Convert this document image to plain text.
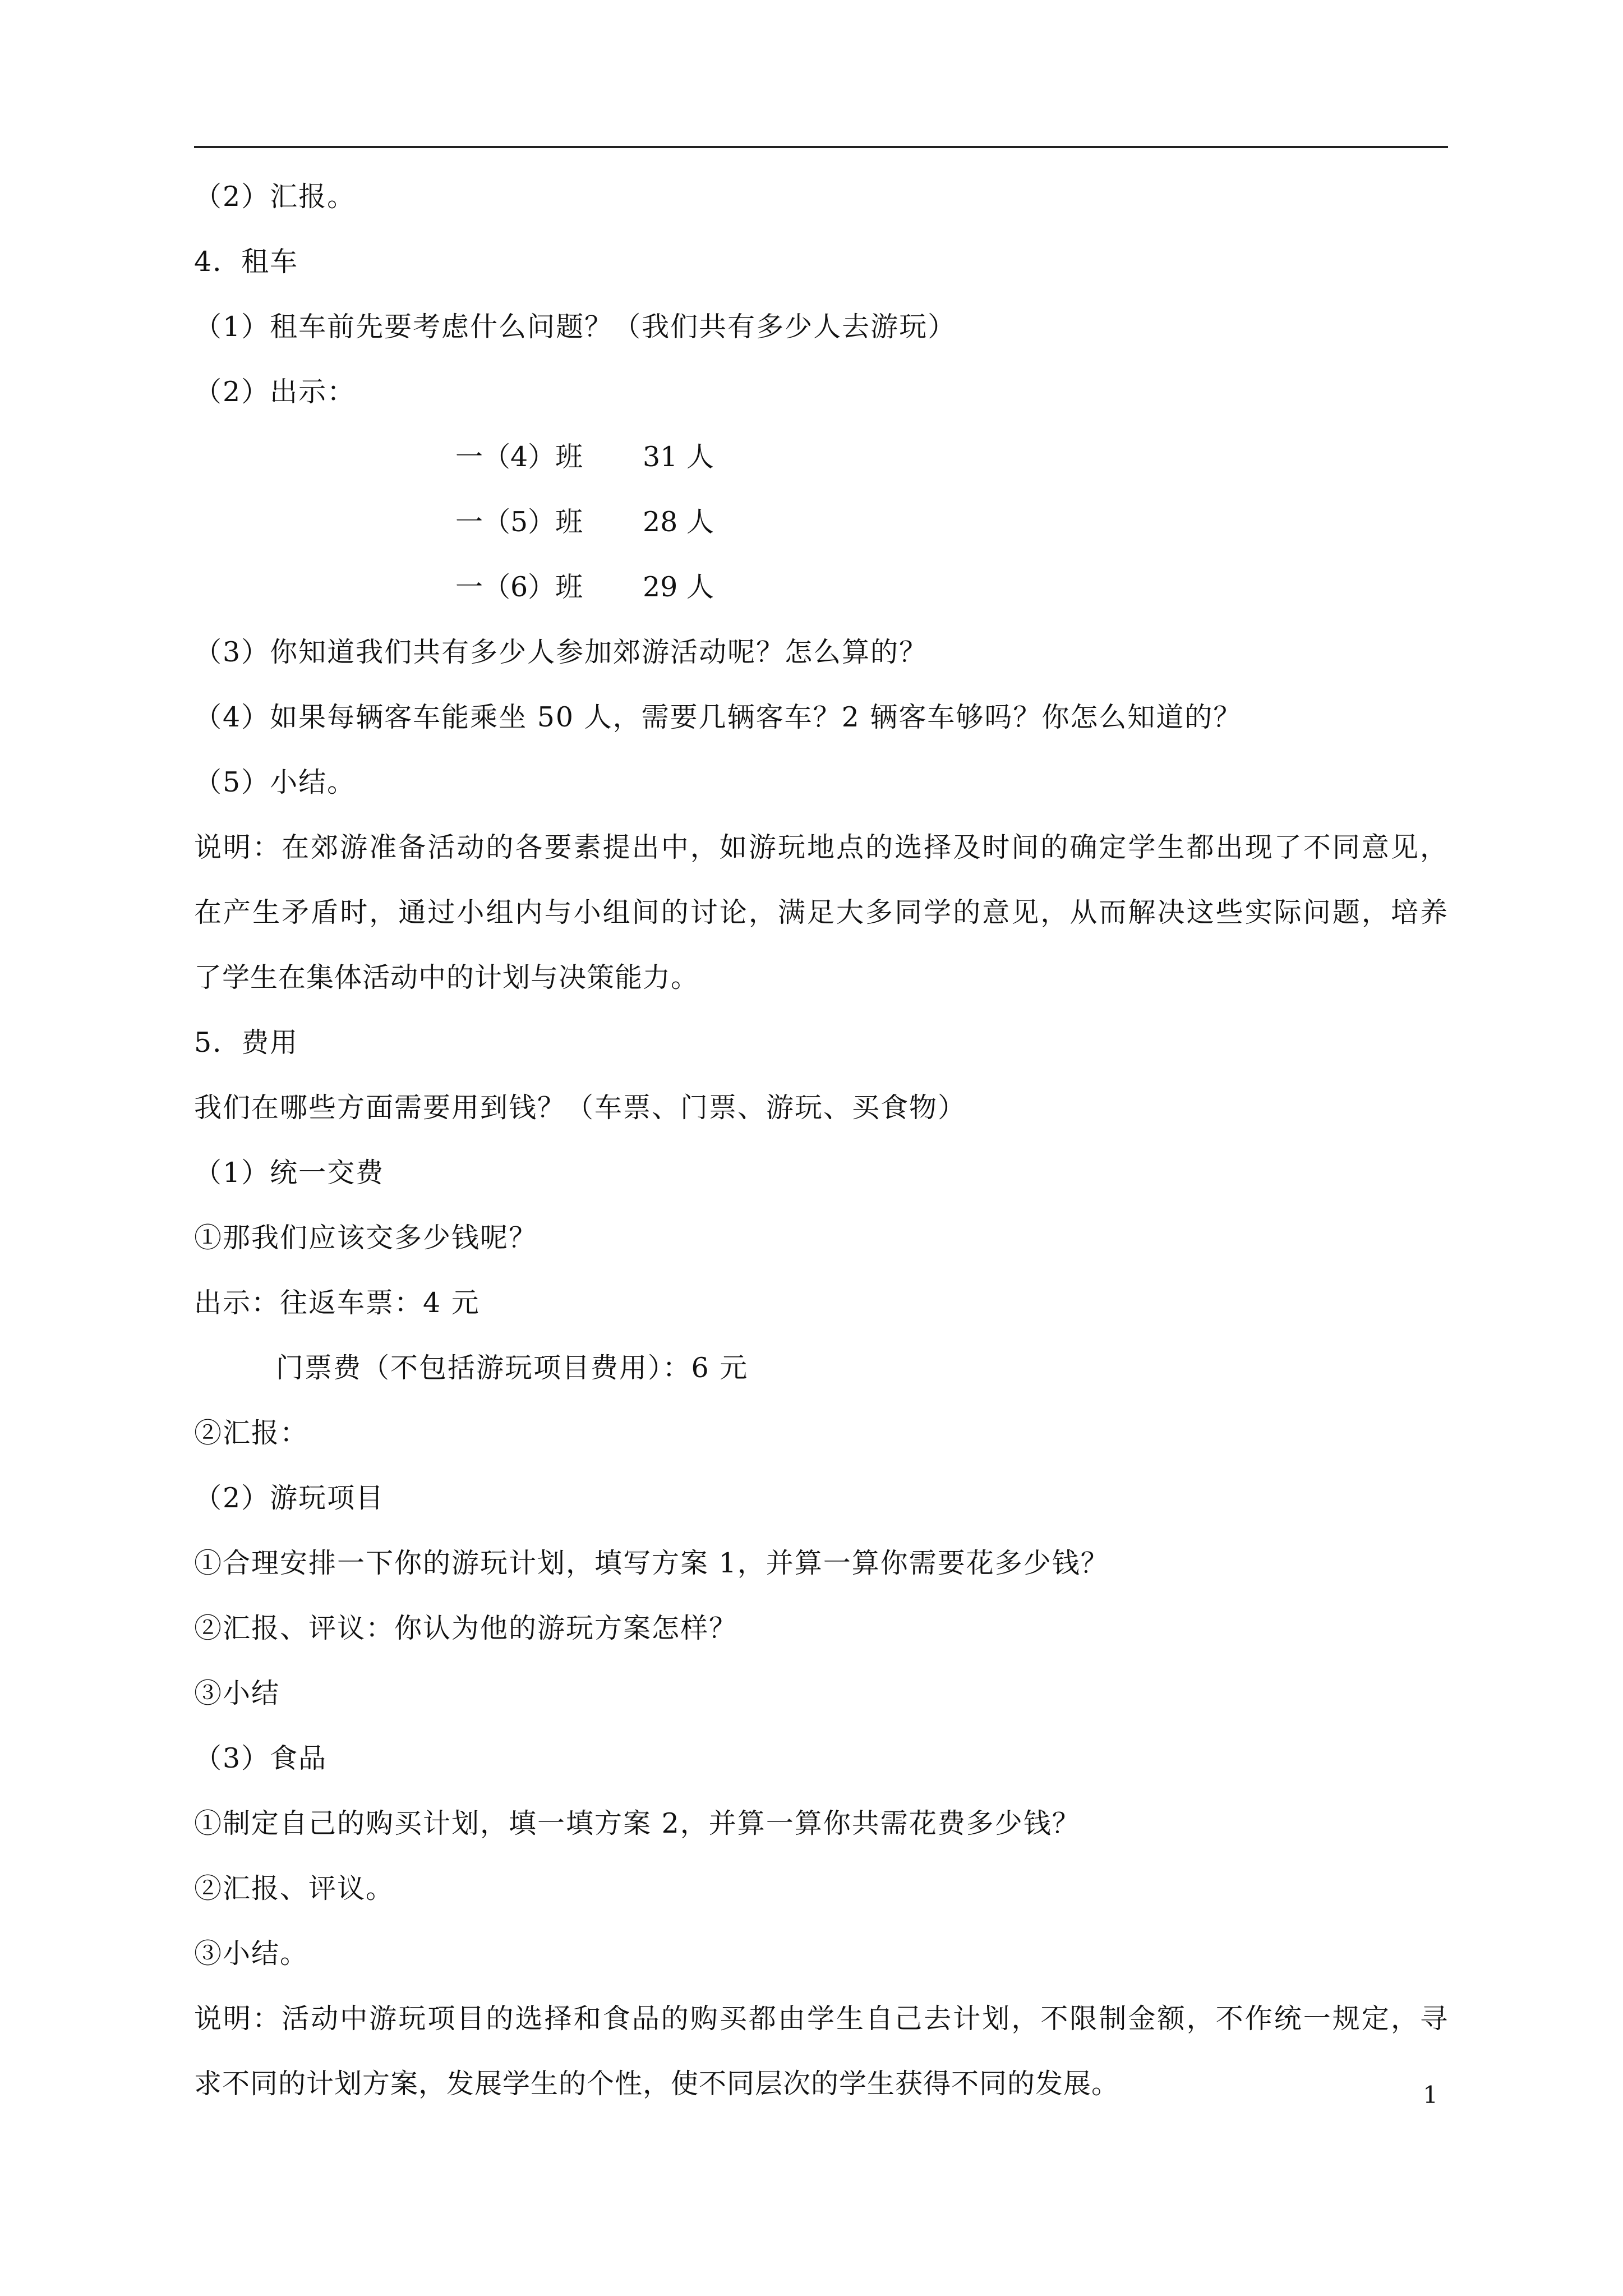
（2）汇报。
4．租车
（1）租车前先要考虑什么问题？（我们共有多少人去游玩）
（2）出示：
一（4）班 31 人
一（5）班 28 人
一（6）班 29 人
（3）你知道我们共有多少人参加郊游活动呢？怎么算的？
（4）如果每辆客车能乘坐 50 人，需要几辆客车？2 辆客车够吗？你怎么知道的？
（5）小结。
说明：在郊游准备活动的各要素提出中，如游玩地点的选择及时间的确定学生都出现了不同意见，
在产生矛盾时，通过小组内与小组间的讨论，满足大多同学的意见，从而解决这些实际问题，培养
了学生在集体活动中的计划与决策能力。
5．费用
我们在哪些方面需要用到钱？（车票、门票、游玩、买食物）
（1）统一交费
①那我们应该交多少钱呢？
出示：往返车票：4 元
门票费（不包括游玩项目费用）：6 元
②汇报：
（2）游玩项目
①合理安排一下你的游玩计划，填写方案 1，并算一算你需要花多少钱？
②汇报、评议：你认为他的游玩方案怎样？
③小结
（3）食品
①制定自己的购买计划，填一填方案 2，并算一算你共需花费多少钱？
②汇报、评议。
③小结。
说明：活动中游玩项目的选择和食品的购买都由学生自己去计划，不限制金额，不作统一规定，寻
求不同的计划方案，发展学生的个性，使不同层次的学生获得不同的发展。	1
